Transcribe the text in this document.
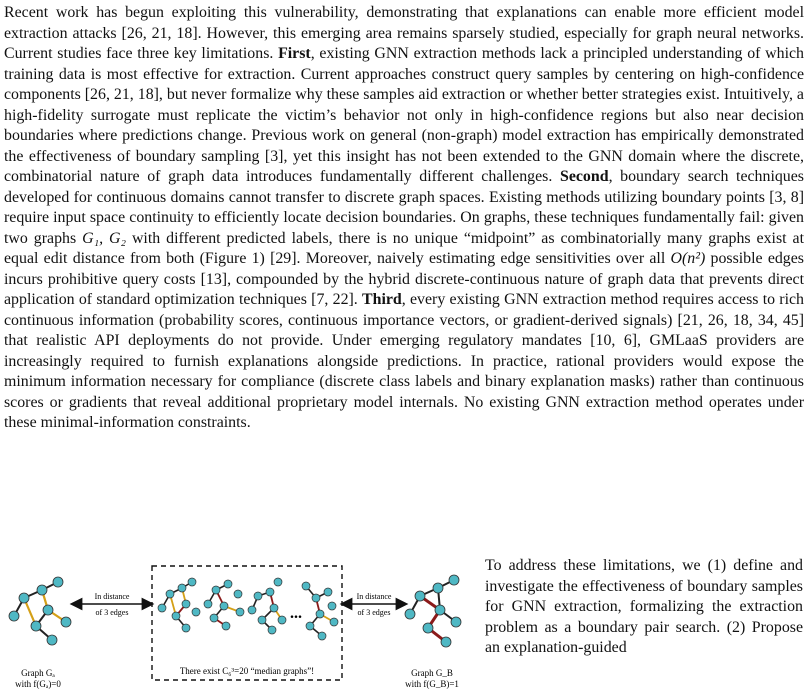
Recent work has begun exploiting this vulnerability, demonstrating that explanations can enable more efficient model extraction attacks [26, 21, 18]. However, this emerging area remains sparsely studied, especially for graph neural networks. Current studies face three key limitations. First, existing GNN extraction methods lack a principled understanding of which training data is most effective for extraction. Current approaches construct query samples by centering on high-confidence components [26, 21, 18], but never formalize why these samples aid extraction or whether better strategies exist. Intuitively, a high-fidelity surrogate must replicate the victim’s behavior not only in high-confidence regions but also near decision boundaries where predictions change. Previous work on general (non-graph) model extraction has empirically demonstrated the effectiveness of boundary sampling [3], yet this insight has not been extended to the GNN domain where the discrete, combinatorial nature of graph data introduces fundamentally different challenges. Second, boundary search techniques developed for continuous domains cannot transfer to discrete graph spaces. Existing methods utilizing boundary points [3, 8] require input space continuity to efficiently locate decision boundaries. On graphs, these techniques fundamentally fail: given two graphs G₁, G₂ with different predicted labels, there is no unique “midpoint” as combinatorially many graphs exist at equal edit distance from both (Figure 1) [29]. Moreover, naively estimating edge sensitivities over all O(n²) possible edges incurs prohibitive query costs [13], compounded by the hybrid discrete-continuous nature of graph data that prevents direct application of standard optimization techniques [7, 22]. Third, every existing GNN extraction method requires access to rich continuous information (probability scores, continuous importance vectors, or gradient-derived signals) [21, 26, 18, 34, 45] that realistic API deployments do not provide. Under emerging regulatory mandates [10, 6], GMLaaS providers are increasingly required to furnish explanations alongside predictions. In practice, rational providers would expose the minimum information necessary for compliance (discrete class labels and binary explanation masks) rather than continuous scores or gradients that reveal additional proprietary model internals. No existing GNN extraction method operates under these minimal-information constraints.

In distance
of 3 edges	...
There exist C₆³=20 “median graphs”!
In distance
of 3 edges
Graph Gₐ
with f(Gₐ)=0
Graph G_B
with f(G_B)=1

To address these limitations, we (1) define and investigate the effectiveness of boundary samples for GNN extraction, formalizing the extraction problem as a boundary pair search. (2) Propose an explanation-guided
